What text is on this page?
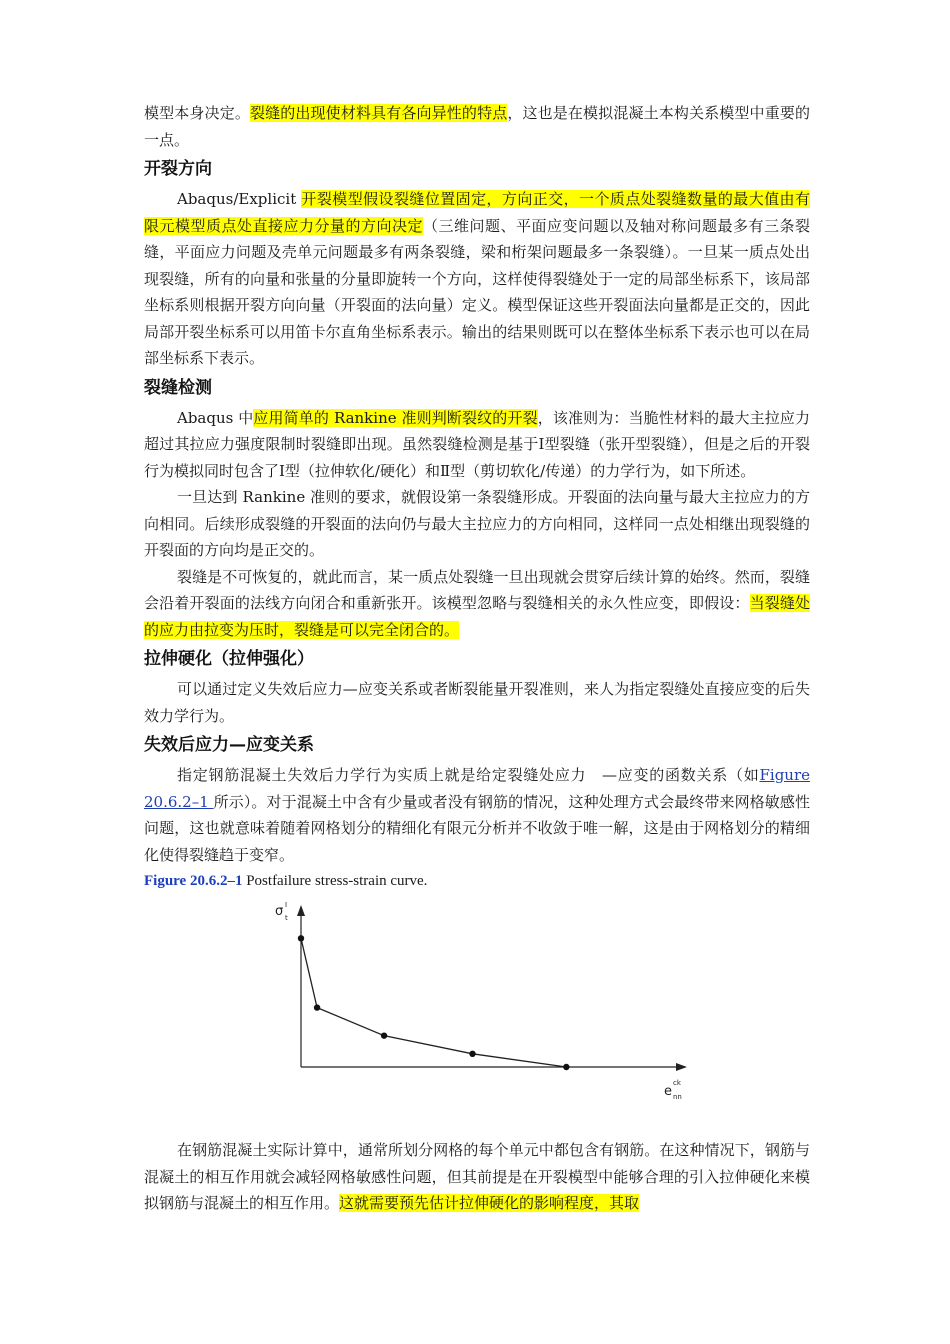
模型本身决定。裂缝的出现使材料具有各向异性的特点，这也是在模拟混凝土本构关系模型中重要的一点。

开裂方向

Abaqus/Explicit 开裂模型假设裂缝位置固定，方向正交，一个质点处裂缝数量的最大值由有限元模型质点处直接应力分量的方向决定（三维问题、平面应变问题以及轴对称问题最多有三条裂缝，平面应力问题及壳单元问题最多有两条裂缝，梁和桁架问题最多一条裂缝）。一旦某一质点处出现裂缝，所有的向量和张量的分量即旋转一个方向，这样使得裂缝处于一定的局部坐标系下，该局部坐标系则根据开裂方向向量（开裂面的法向量）定义。模型保证这些开裂面法向量都是正交的，因此局部开裂坐标系可以用笛卡尔直角坐标系表示。输出的结果则既可以在整体坐标系下表示也可以在局部坐标系下表示。

裂缝检测

Abaqus 中应用简单的 Rankine 准则判断裂纹的开裂，该准则为：当脆性材料的最大主拉应力超过其拉应力强度限制时裂缝即出现。虽然裂缝检测是基于Ⅰ型裂缝（张开型裂缝），但是之后的开裂行为模拟同时包含了Ⅰ型（拉伸软化/硬化）和Ⅱ型（剪切软化/传递）的力学行为，如下所述。

一旦达到 Rankine 准则的要求，就假设第一条裂缝形成。开裂面的法向量与最大主拉应力的方向相同。后续形成裂缝的开裂面的法向仍与最大主拉应力的方向相同，这样同一点处相继出现裂缝的开裂面的方向均是正交的。

裂缝是不可恢复的，就此而言，某一质点处裂缝一旦出现就会贯穿后续计算的始终。然而，裂缝会沿着开裂面的法线方向闭合和重新张开。该模型忽略与裂缝相关的永久性应变，即假设：当裂缝处的应力由拉变为压时，裂缝是可以完全闭合的。

拉伸硬化（拉伸强化）

可以通过定义失效后应力—应变关系或者断裂能量开裂准则，来人为指定裂缝处直接应变的后失效力学行为。

失效后应力—应变关系

指定钢筋混凝土失效后力学行为实质上就是给定裂缝处应力　—应变的函数关系（如Figure 20.6.2–1 所示）。对于混凝土中含有少量或者没有钢筋的情况，这种处理方式会最终带来网格敏感性问题，这也就意味着随着网格划分的精细化有限元分析并不收敛于唯一解，这是由于网格划分的精细化使得裂缝趋于变窄。

Figure 20.6.2–1 Postfailure stress-strain curve.

σ I
t
e
ck
nn

在钢筋混凝土实际计算中，通常所划分网格的每个单元中都包含有钢筋。在这种情况下，钢筋与混凝土的相互作用就会减轻网格敏感性问题，但其前提是在开裂模型中能够合理的引入拉伸硬化来模拟钢筋与混凝土的相互作用。这就需要预先估计拉伸硬化的影响程度，其取
